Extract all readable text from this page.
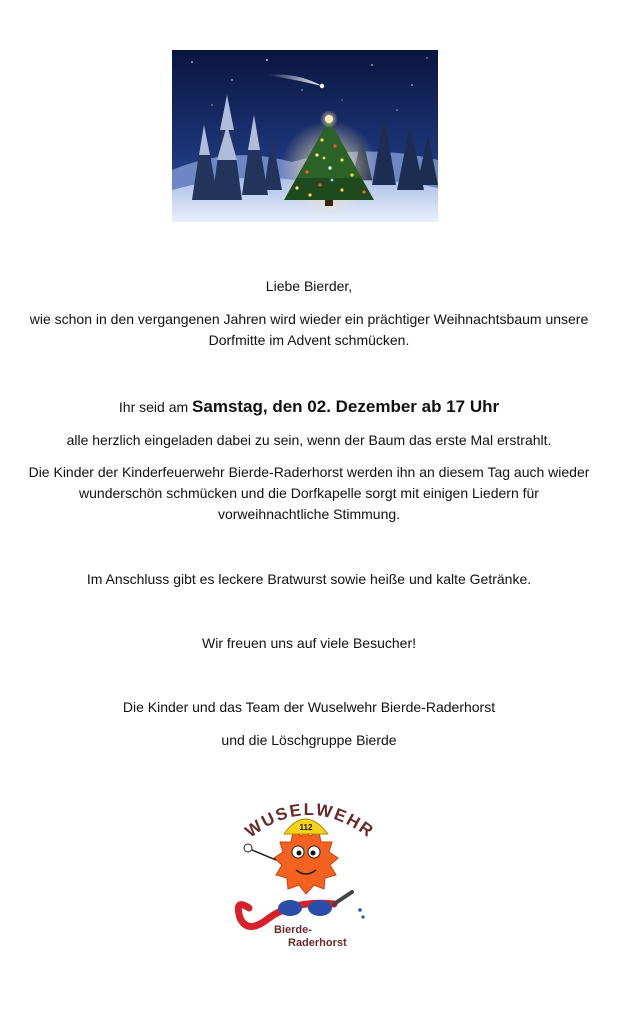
Liebe Bierder,
wie schon in den vergangenen Jahren wird wieder ein prächtiger Weihnachtsbaum unsere
Dorfmitte im Advent schmücken.
Ihr seid am Samstag, den 02. Dezember ab 17 Uhr
alle herzlich eingeladen dabei zu sein, wenn der Baum das erste Mal erstrahlt.
Die Kinder der Kinderfeuerwehr Bierde-Raderhorst werden ihn an diesem Tag auch wieder
wunderschön schmücken und die Dorfkapelle sorgt mit einigen Liedern für
vorweihnachtliche Stimmung.
Im Anschluss gibt es leckere Bratwurst sowie heiße und kalte Getränke.
Wir freuen uns auf viele Besucher!
Die Kinder und das Team der Wuselwehr Bierde-Raderhorst
und die Löschgruppe Bierde
WUSELWEHR
112
Bierde-
Raderhorst
